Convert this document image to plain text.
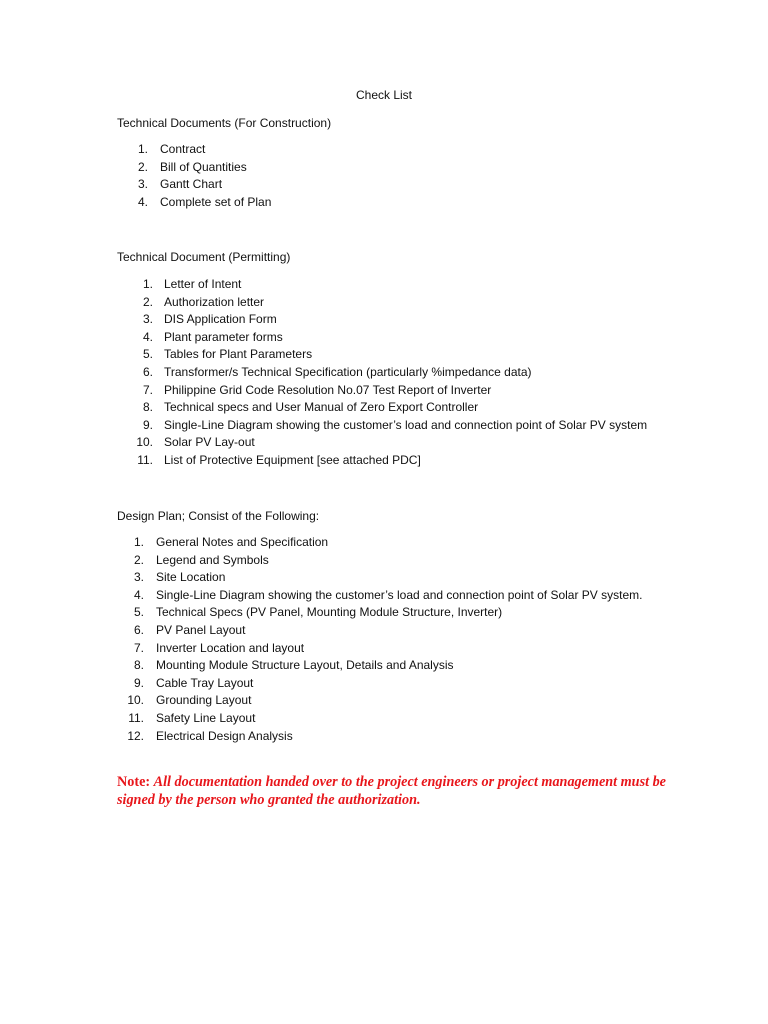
Check List
Technical Documents (For Construction)
1. Contract
2. Bill of Quantities
3. Gantt Chart
4. Complete set of Plan
Technical Document (Permitting)
1. Letter of Intent
2. Authorization letter
3. DIS Application Form
4. Plant parameter forms
5. Tables for Plant Parameters
6. Transformer/s Technical Specification (particularly %impedance data)
7. Philippine Grid Code Resolution No.07 Test Report of Inverter
8. Technical specs and User Manual of Zero Export Controller
9. Single-Line Diagram showing the customer’s load and connection point of Solar PV system
10. Solar PV Lay-out
11. List of Protective Equipment [see attached PDC]
Design Plan; Consist of the Following:
1. General Notes and Specification
2. Legend and Symbols
3. Site Location
4. Single-Line Diagram showing the customer’s load and connection point of Solar PV system.
5. Technical Specs (PV Panel, Mounting Module Structure, Inverter)
6. PV Panel Layout
7. Inverter Location and layout
8. Mounting Module Structure Layout, Details and Analysis
9. Cable Tray Layout
10. Grounding Layout
11. Safety Line Layout
12. Electrical Design Analysis
Note: All documentation handed over to the project engineers or project management must be signed by the person who granted the authorization.
